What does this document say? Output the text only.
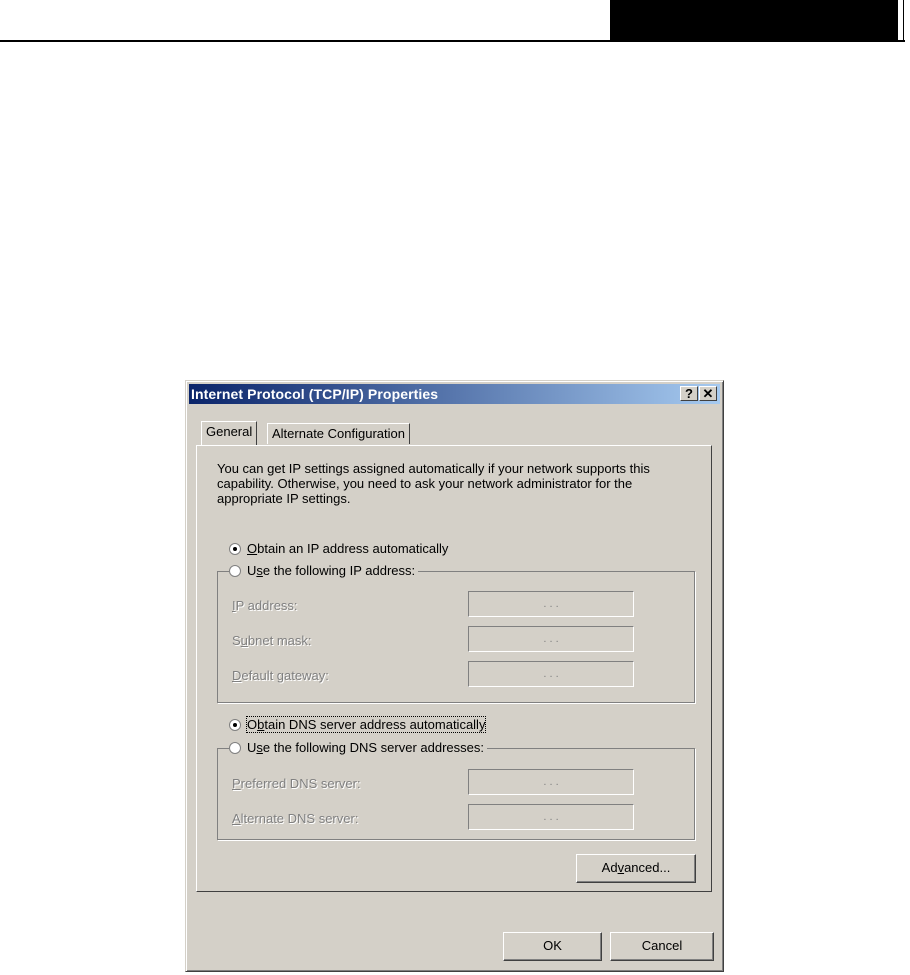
Internet Protocol (TCP/IP) Properties	? ✕
General	Alternate Configuration
You can get IP settings assigned automatically if your network supports this capability. Otherwise, you need to ask your network administrator for the appropriate IP settings.
Obtain an IP address automatically
Use the following IP address:
IP address:	. . .
Subnet mask:	. . .
Default gateway:	. . .
Obtain DNS server address automatically
Use the following DNS server addresses:
Preferred DNS server:	. . .
Alternate DNS server:	. . .
Advanced...
OK	Cancel
